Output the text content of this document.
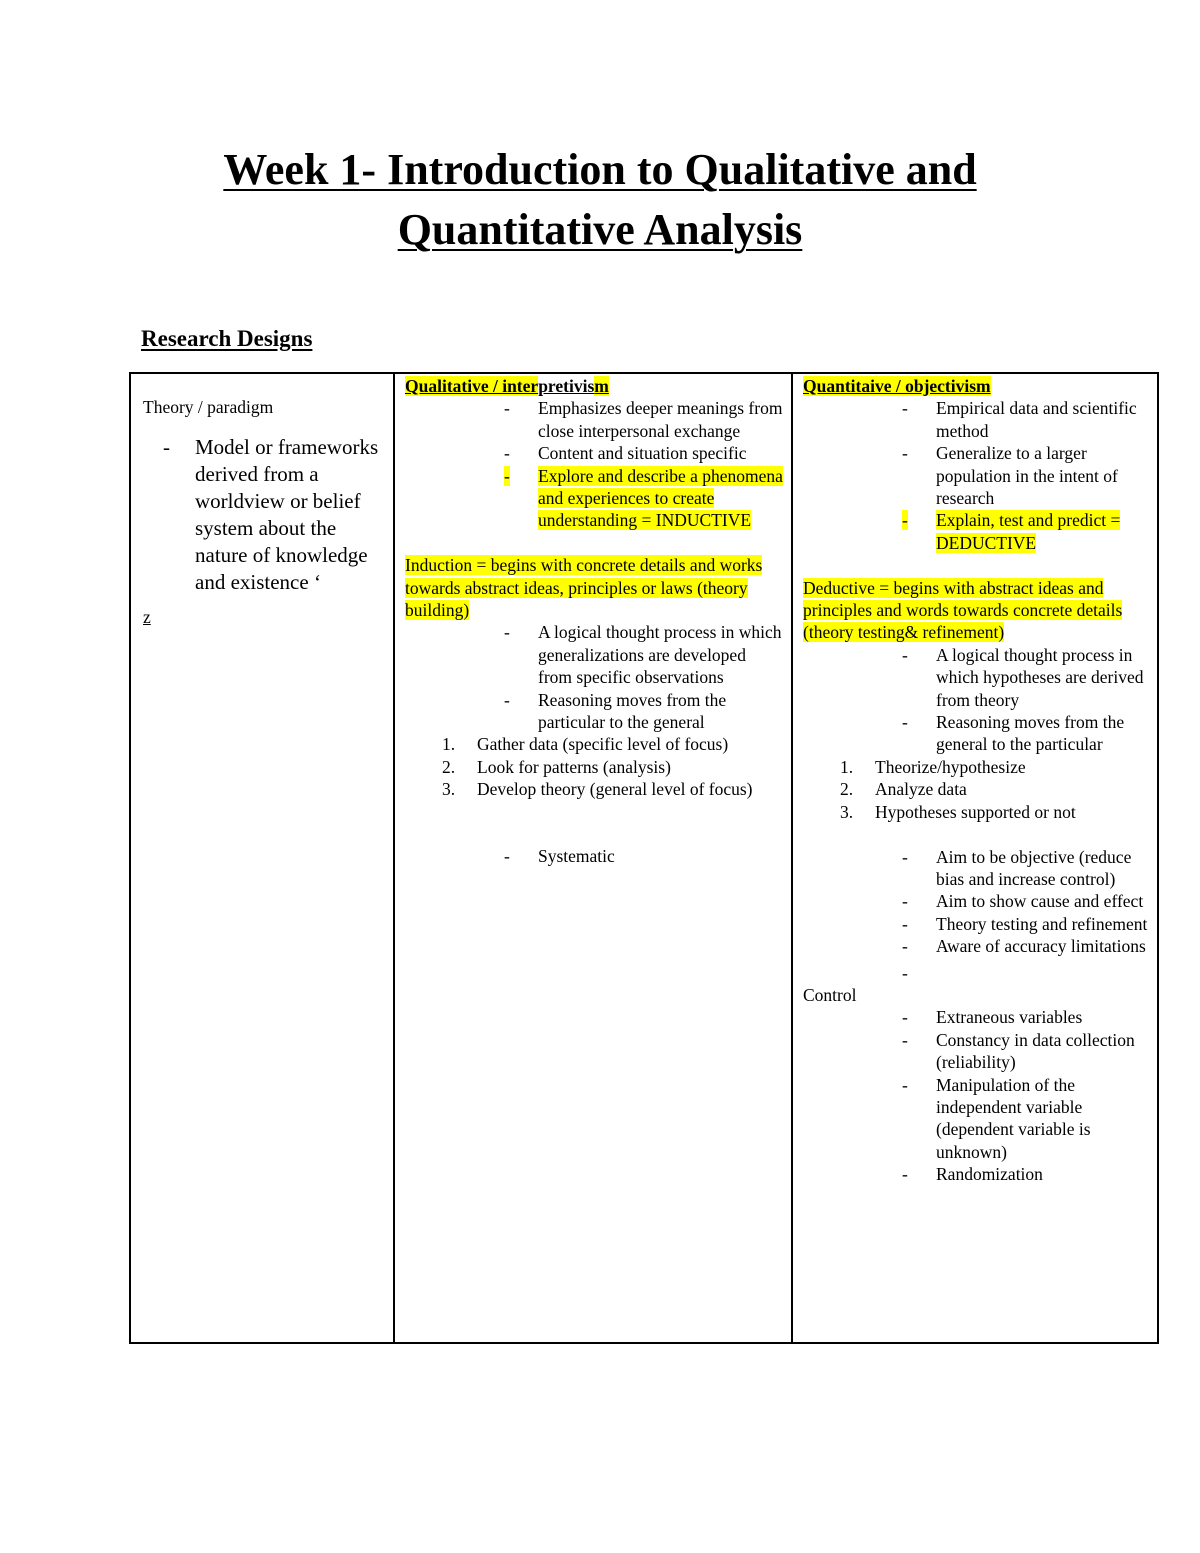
Week 1- Introduction to Qualitative and
Quantitative Analysis
Research Designs
Theory / paradigm
-	Model or frameworks derived from a worldview or belief system about the nature of knowledge and existence ‘
z

Qualitative / interpretivism
-	Emphasizes deeper meanings from close interpersonal exchange
-	Content and situation specific
-	Explore and describe a phenomena and experiences to create understanding = INDUCTIVE

Induction = begins with concrete details and works towards abstract ideas, principles or laws (theory building)

-	A logical thought process in which generalizations are developed from specific observations
-	Reasoning moves from the particular to the general
1.	Gather data (specific level of focus)
2.	Look for patterns (analysis)
3.	Develop theory (general level of focus)
-	Systematic

Quantitaive / objectivism
-	Empirical data and scientific method
-	Generalize to a larger population in the intent of research
-	Explain, test and predict = DEDUCTIVE

Deductive = begins with abstract ideas and principles and words towards concrete details (theory testing& refinement)

-	A logical thought process in which hypotheses are derived from theory
-	Reasoning moves from the general to the particular
1.	Theorize/hypothesize
2.	Analyze data
3.	Hypotheses supported or not
-	Aim to be objective (reduce bias and increase control)
-	Aim to show cause and effect
-	Theory testing and refinement
-	Aware of accuracy limitations
-
Control
-	Extraneous variables
-	Constancy in data collection (reliability)
-	Manipulation of the independent variable (dependent variable is unknown)
-	Randomization
